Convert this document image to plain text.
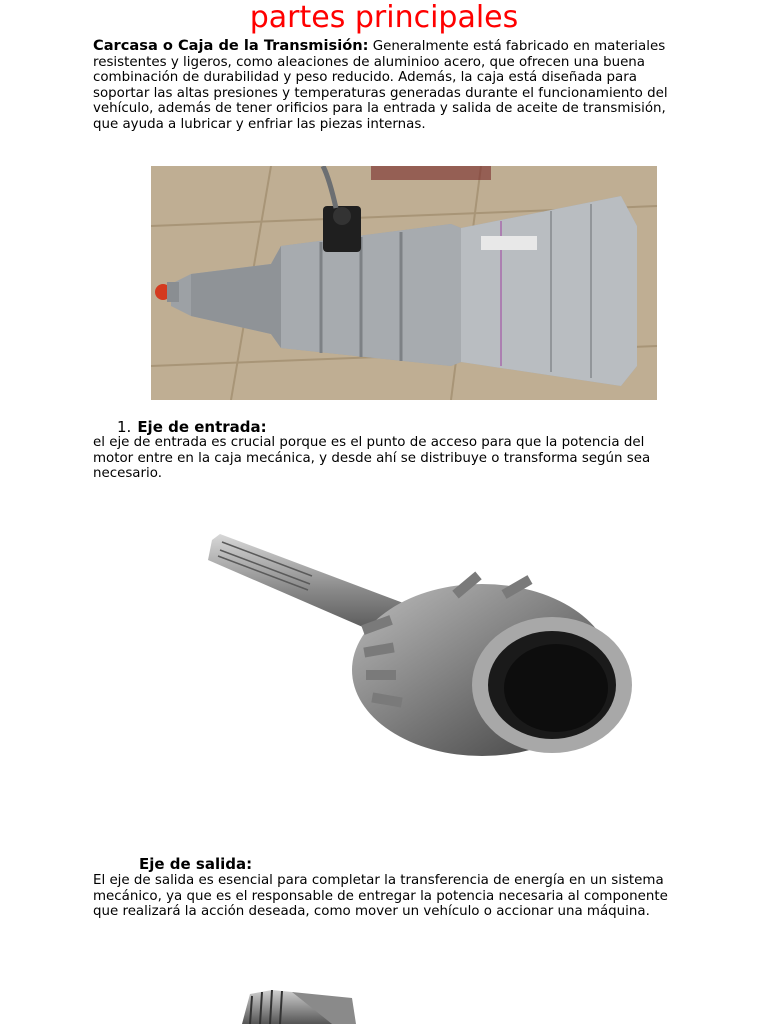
partes principales

Carcasa o Caja de la Transmisión: Generalmente está fabricado en materiales resistentes y ligeros, como aleaciones de aluminioo acero, que ofrecen una buena combinación de durabilidad y peso reducido. Además, la caja está diseñada para soportar las altas presiones y temperaturas generadas durante el funcionamiento del vehículo, además de tener orificios para la entrada y salida de aceite de transmisión, que ayuda a lubricar y enfriar las piezas internas.

1. Eje de entrada:

el eje de entrada es crucial porque es el punto de acceso para que la potencia del motor entre en la caja mecánica, y desde ahí se distribuye o transforma según sea necesario.

Eje de salida:

El eje de salida es esencial para completar la transferencia de energía en un sistema mecánico, ya que es el responsable de entregar la potencia necesaria al componente que realizará la acción deseada, como mover un vehículo o accionar una máquina.
